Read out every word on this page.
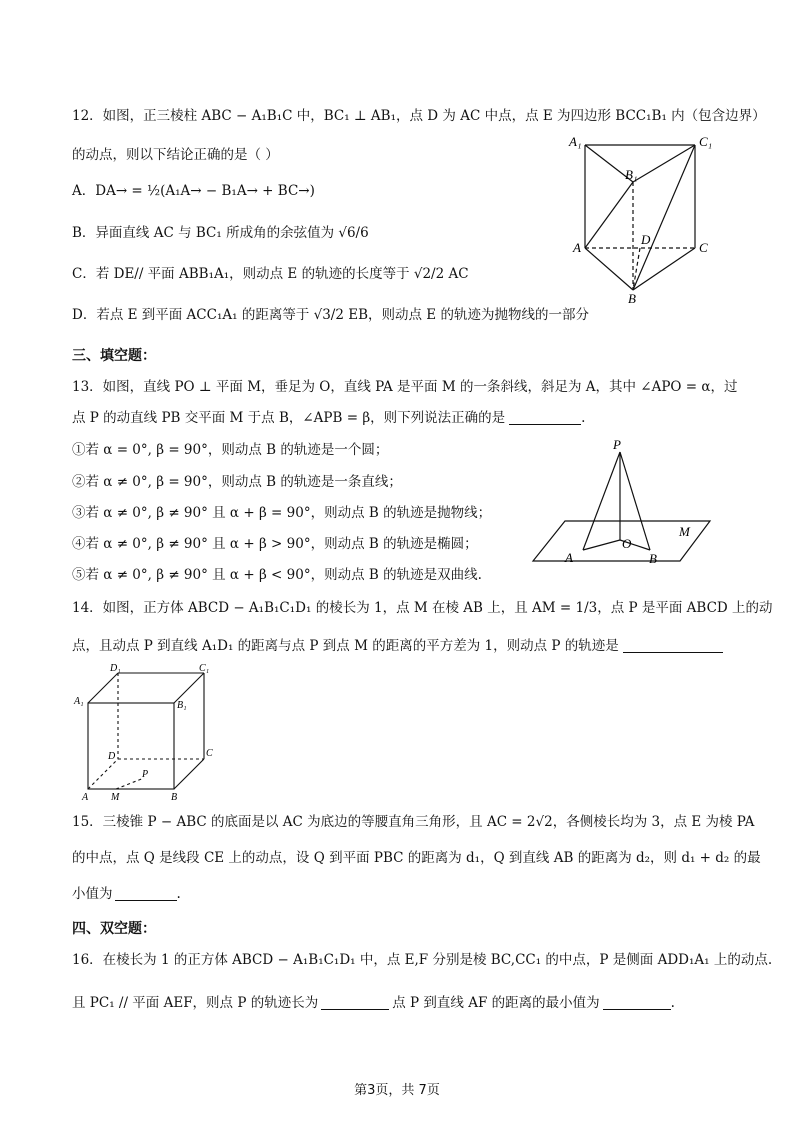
12．如图，正三棱柱 ABC − A₁B₁C 中，BC₁ ⊥ AB₁，点 D 为 AC 中点，点 E 为四边形 BCC₁B₁ 内（包含边界）
的动点，则以下结论正确的是（ ）
A．DA→ = ½(A₁A→ − B₁A→ + BC→)
B．异面直线 AC 与 BC₁ 所成角的余弦值为 √6/6
C．若 DE// 平面 ABB₁A₁，则动点 E 的轨迹的长度等于 √2/2 AC
D．若点 E 到平面 ACC₁A₁ 的距离等于 √3/2 EB，则动点 E 的轨迹为抛物线的一部分
A₁	C₁
B₁
D
A	C
B
三、填空题：
13．如图，直线 PO ⊥ 平面 M，垂足为 O，直线 PA 是平面 M 的一条斜线，斜足为 A，其中 ∠APO = α，过
点 P 的动直线 PB 交平面 M 于点 B，∠APB = β，则下列说法正确的是	.
①若 α = 0°, β = 90°，则动点 B 的轨迹是一个圆；
②若 α ≠ 0°, β = 90°，则动点 B 的轨迹是一条直线；
③若 α ≠ 0°, β ≠ 90° 且 α + β = 90°，则动点 B 的轨迹是抛物线；
④若 α ≠ 0°, β ≠ 90° 且 α + β > 90°，则动点 B 的轨迹是椭圆；
⑤若 α ≠ 0°, β ≠ 90° 且 α + β < 90°，则动点 B 的轨迹是双曲线.
P
M
O
A	B
14．如图，正方体 ABCD − A₁B₁C₁D₁ 的棱长为 1，点 M 在棱 AB 上，且 AM = 1/3，点 P 是平面 ABCD 上的动
点，且动点 P 到直线 A₁D₁ 的距离与点 P 到点 M 的距离的平方差为 1，则动点 P 的轨迹是
D₁	C₁
A₁	B₁
D	C
P
A M	B
15．三棱锥 P − ABC 的底面是以 AC 为底边的等腰直角三角形，且 AC = 2√2，各侧棱长均为 3，点 E 为棱 PA
的中点，点 Q 是线段 CE 上的动点，设 Q 到平面 PBC 的距离为 d₁，Q 到直线 AB 的距离为 d₂，则 d₁ + d₂ 的最
小值为	.
四、双空题：
16．在棱长为 1 的正方体 ABCD − A₁B₁C₁D₁ 中，点 E,F 分别是棱 BC,CC₁ 的中点，P 是侧面 ADD₁A₁ 上的动点.
且 PC₁ // 平面 AEF，则点 P 的轨迹长为	点 P 到直线 AF 的距离的最小值为	.
第3页，共 7页
